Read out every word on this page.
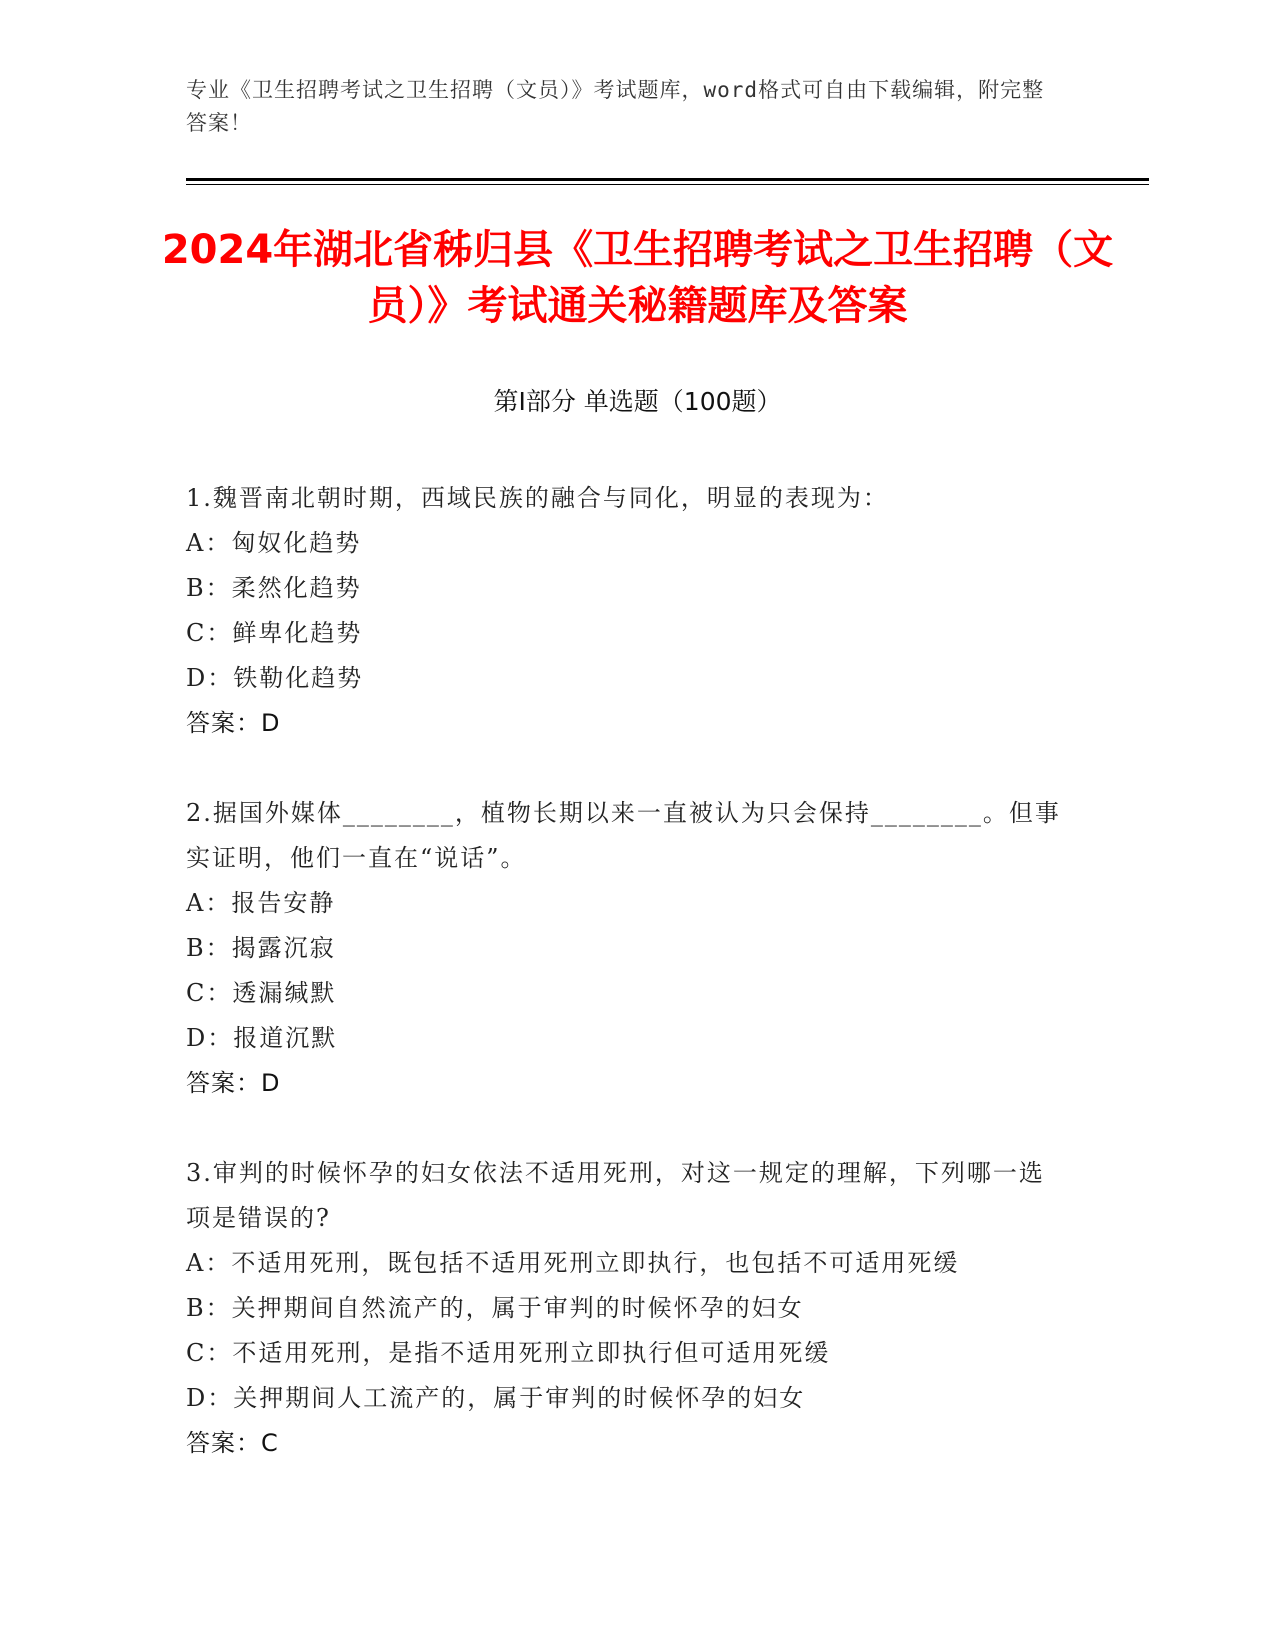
专业《卫生招聘考试之卫生招聘（文员）》考试题库，word格式可自由下载编辑，附完整答案！
2024年湖北省秭归县《卫生招聘考试之卫生招聘（文员）》考试通关秘籍题库及答案
第Ⅰ部分 单选题（100题）
1.魏晋南北朝时期，西域民族的融合与同化，明显的表现为：
A：匈奴化趋势
B：柔然化趋势
C：鲜卑化趋势
D：铁勒化趋势
答案：D
2.据国外媒体________，植物长期以来一直被认为只会保持________。但事实证明，他们一直在“说话”。
A：报告安静
B：揭露沉寂
C：透漏缄默
D：报道沉默
答案：D
3.审判的时候怀孕的妇女依法不适用死刑，对这一规定的理解，下列哪一选项是错误的?
A：不适用死刑，既包括不适用死刑立即执行，也包括不可适用死缓
B：关押期间自然流产的，属于审判的时候怀孕的妇女
C：不适用死刑，是指不适用死刑立即执行但可适用死缓
D：关押期间人工流产的，属于审判的时候怀孕的妇女
答案：C
